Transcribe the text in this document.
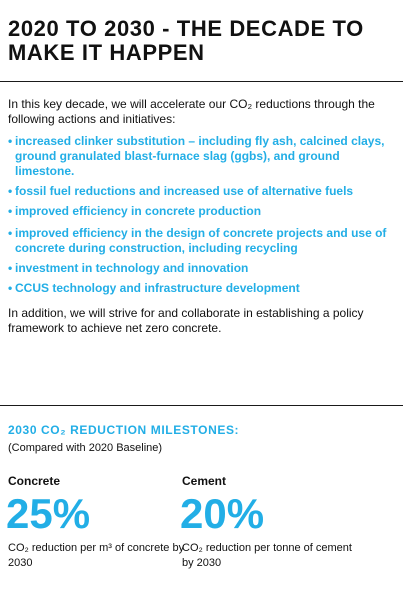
2020 TO 2030 - THE DECADE TO MAKE IT HAPPEN

In this key decade, we will accelerate our CO₂ reductions through the following actions and initiatives:

• increased clinker substitution – including fly ash, calcined clays, ground granulated blast-furnace slag (ggbs), and ground limestone.
• fossil fuel reductions and increased use of alternative fuels
• improved efficiency in concrete production
• improved efficiency in the design of concrete projects and use of concrete during construction, including recycling
• investment in technology and innovation
• CCUS technology and infrastructure development

In addition, we will strive for and collaborate in establishing a policy framework to achieve net zero concrete.

2030 CO₂ REDUCTION MILESTONES:

(Compared with 2020 Baseline)

Concrete

25%

CO₂ reduction per m³ of concrete by 2030

Cement

20%

CO₂ reduction per tonne of cement by 2030
